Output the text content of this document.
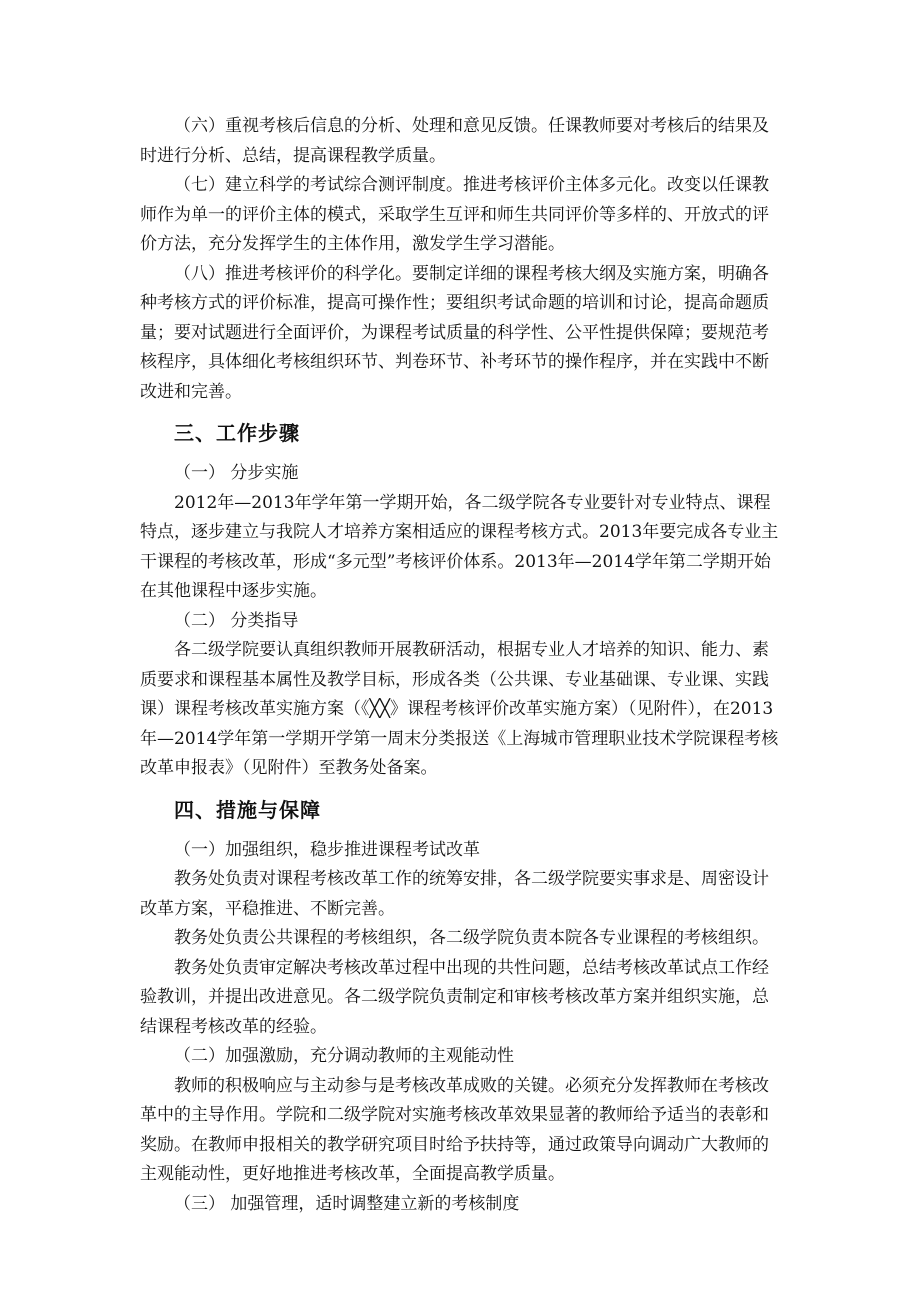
（六）重视考核后信息的分析、处理和意见反馈。任课教师要对考核后的结果及时进行分析、总结，提高课程教学质量。

（七）建立科学的考试综合测评制度。推进考核评价主体多元化。改变以任课教师作为单一的评价主体的模式，采取学生互评和师生共同评价等多样的、开放式的评价方法，充分发挥学生的主体作用，激发学生学习潜能。

（八）推进考核评价的科学化。要制定详细的课程考核大纲及实施方案，明确各种考核方式的评价标准，提高可操作性；要组织考试命题的培训和讨论，提高命题质量；要对试题进行全面评价，为课程考试质量的科学性、公平性提供保障；要规范考核程序，具体细化考核组织环节、判卷环节、补考环节的操作程序，并在实践中不断改进和完善。

三、工作步骤

（一） 分步实施

2012年—2013年学年第一学期开始，各二级学院各专业要针对专业特点、课程特点，逐步建立与我院人才培养方案相适应的课程考核方式。2013年要完成各专业主干课程的考核改革，形成“多元型”考核评价体系。2013年—2014学年第二学期开始在其他课程中逐步实施。

（二） 分类指导

各二级学院要认真组织教师开展教研活动，根据专业人才培养的知识、能力、素质要求和课程基本属性及教学目标，形成各类（公共课、专业基础课、专业课、实践课）课程考核改革实施方案（《╳╳》课程考核评价改革实施方案）（见附件），在2013年—2014学年第一学期开学第一周末分类报送《上海城市管理职业技术学院课程考核改革申报表》（见附件）至教务处备案。

四、措施与保障

（一）加强组织，稳步推进课程考试改革

教务处负责对课程考核改革工作的统筹安排，各二级学院要实事求是、周密设计改革方案，平稳推进、不断完善。

教务处负责公共课程的考核组织，各二级学院负责本院各专业课程的考核组织。

教务处负责审定解决考核改革过程中出现的共性问题，总结考核改革试点工作经验教训，并提出改进意见。各二级学院负责制定和审核考核改革方案并组织实施，总结课程考核改革的经验。

（二）加强激励，充分调动教师的主观能动性

教师的积极响应与主动参与是考核改革成败的关键。必须充分发挥教师在考核改革中的主导作用。学院和二级学院对实施考核改革效果显著的教师给予适当的表彰和奖励。在教师申报相关的教学研究项目时给予扶持等，通过政策导向调动广大教师的主观能动性，更好地推进考核改革，全面提高教学质量。

（三） 加强管理，适时调整建立新的考核制度
